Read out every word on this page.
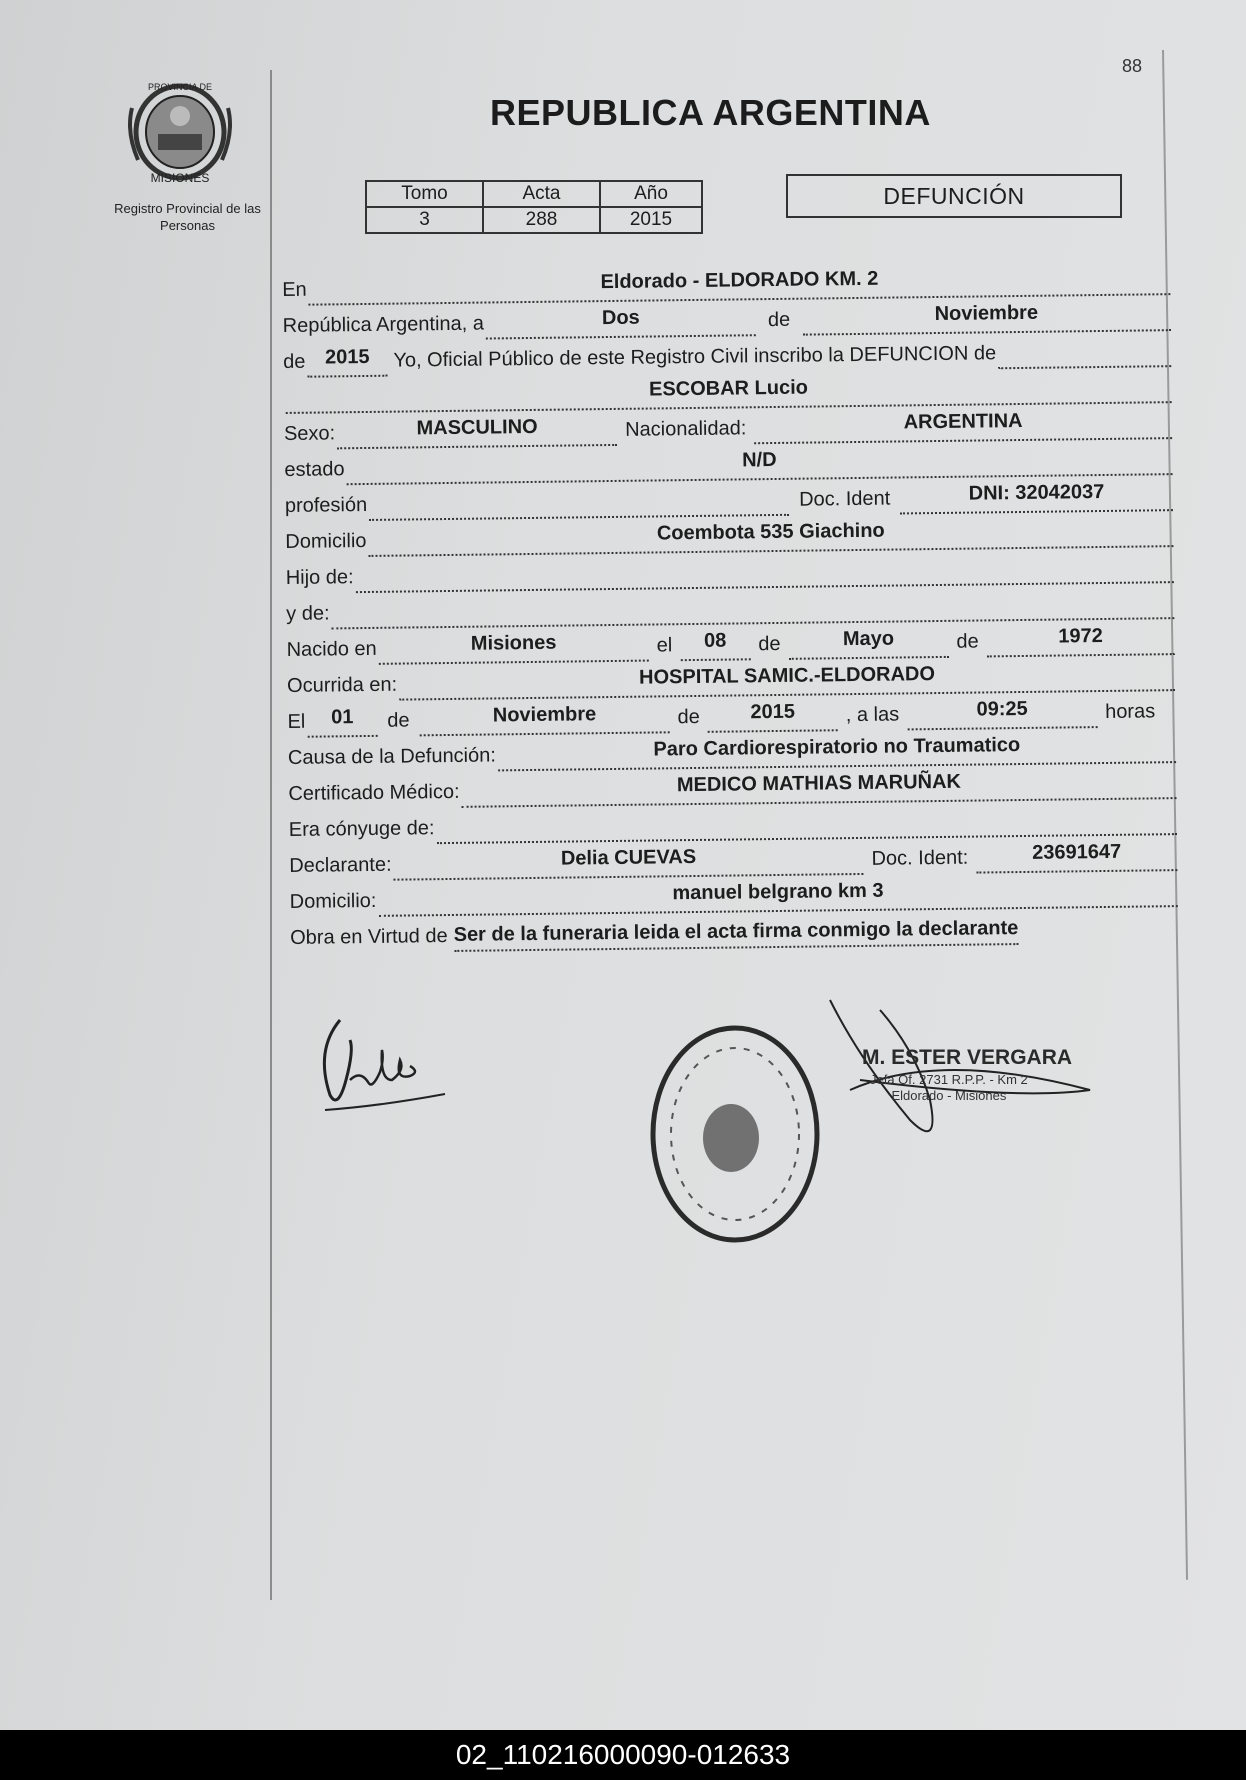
88
PROVINCIA DE
MISIONES
Registro Provincial de las Personas
REPUBLICA ARGENTINA
Tomo	Acta	Año
3	288	2015
DEFUNCIÓN
En	Eldorado - ELDORADO KM. 2
República Argentina, a	Dos	de	Noviembre
de 2015	Yo, Oficial Público de este Registro Civil inscribo la DEFUNCION de
ESCOBAR Lucio
Sexo:	MASCULINO	Nacionalidad:	ARGENTINA
estado	N/D
profesión	Doc. Ident	DNI: 32042037
Domicilio	Coembota 535 Giachino
Hijo de:
y de:
Nacido en	Misiones	el	08	de	Mayo	de	1972
Ocurrida en:	HOSPITAL SAMIC.-ELDORADO
El	01	de	Noviembre	de	2015	, a las	09:25	horas
Causa de la Defunción:	Paro Cardiorespiratorio no Traumatico
Certificado Médico:	MEDICO MATHIAS MARUÑAK
Era cónyuge de:
Declarante:	Delia CUEVAS	Doc. Ident:	23691647
Domicilio:	manuel belgrano km 3
Obra en Virtud de Ser de la funeraria leida el acta firma conmigo la declarante
M. ESTER VERGARA
Jefa Of. 2731 R.P.P. - Km 2
Eldorado - Misiones
02_110216000090-012633
